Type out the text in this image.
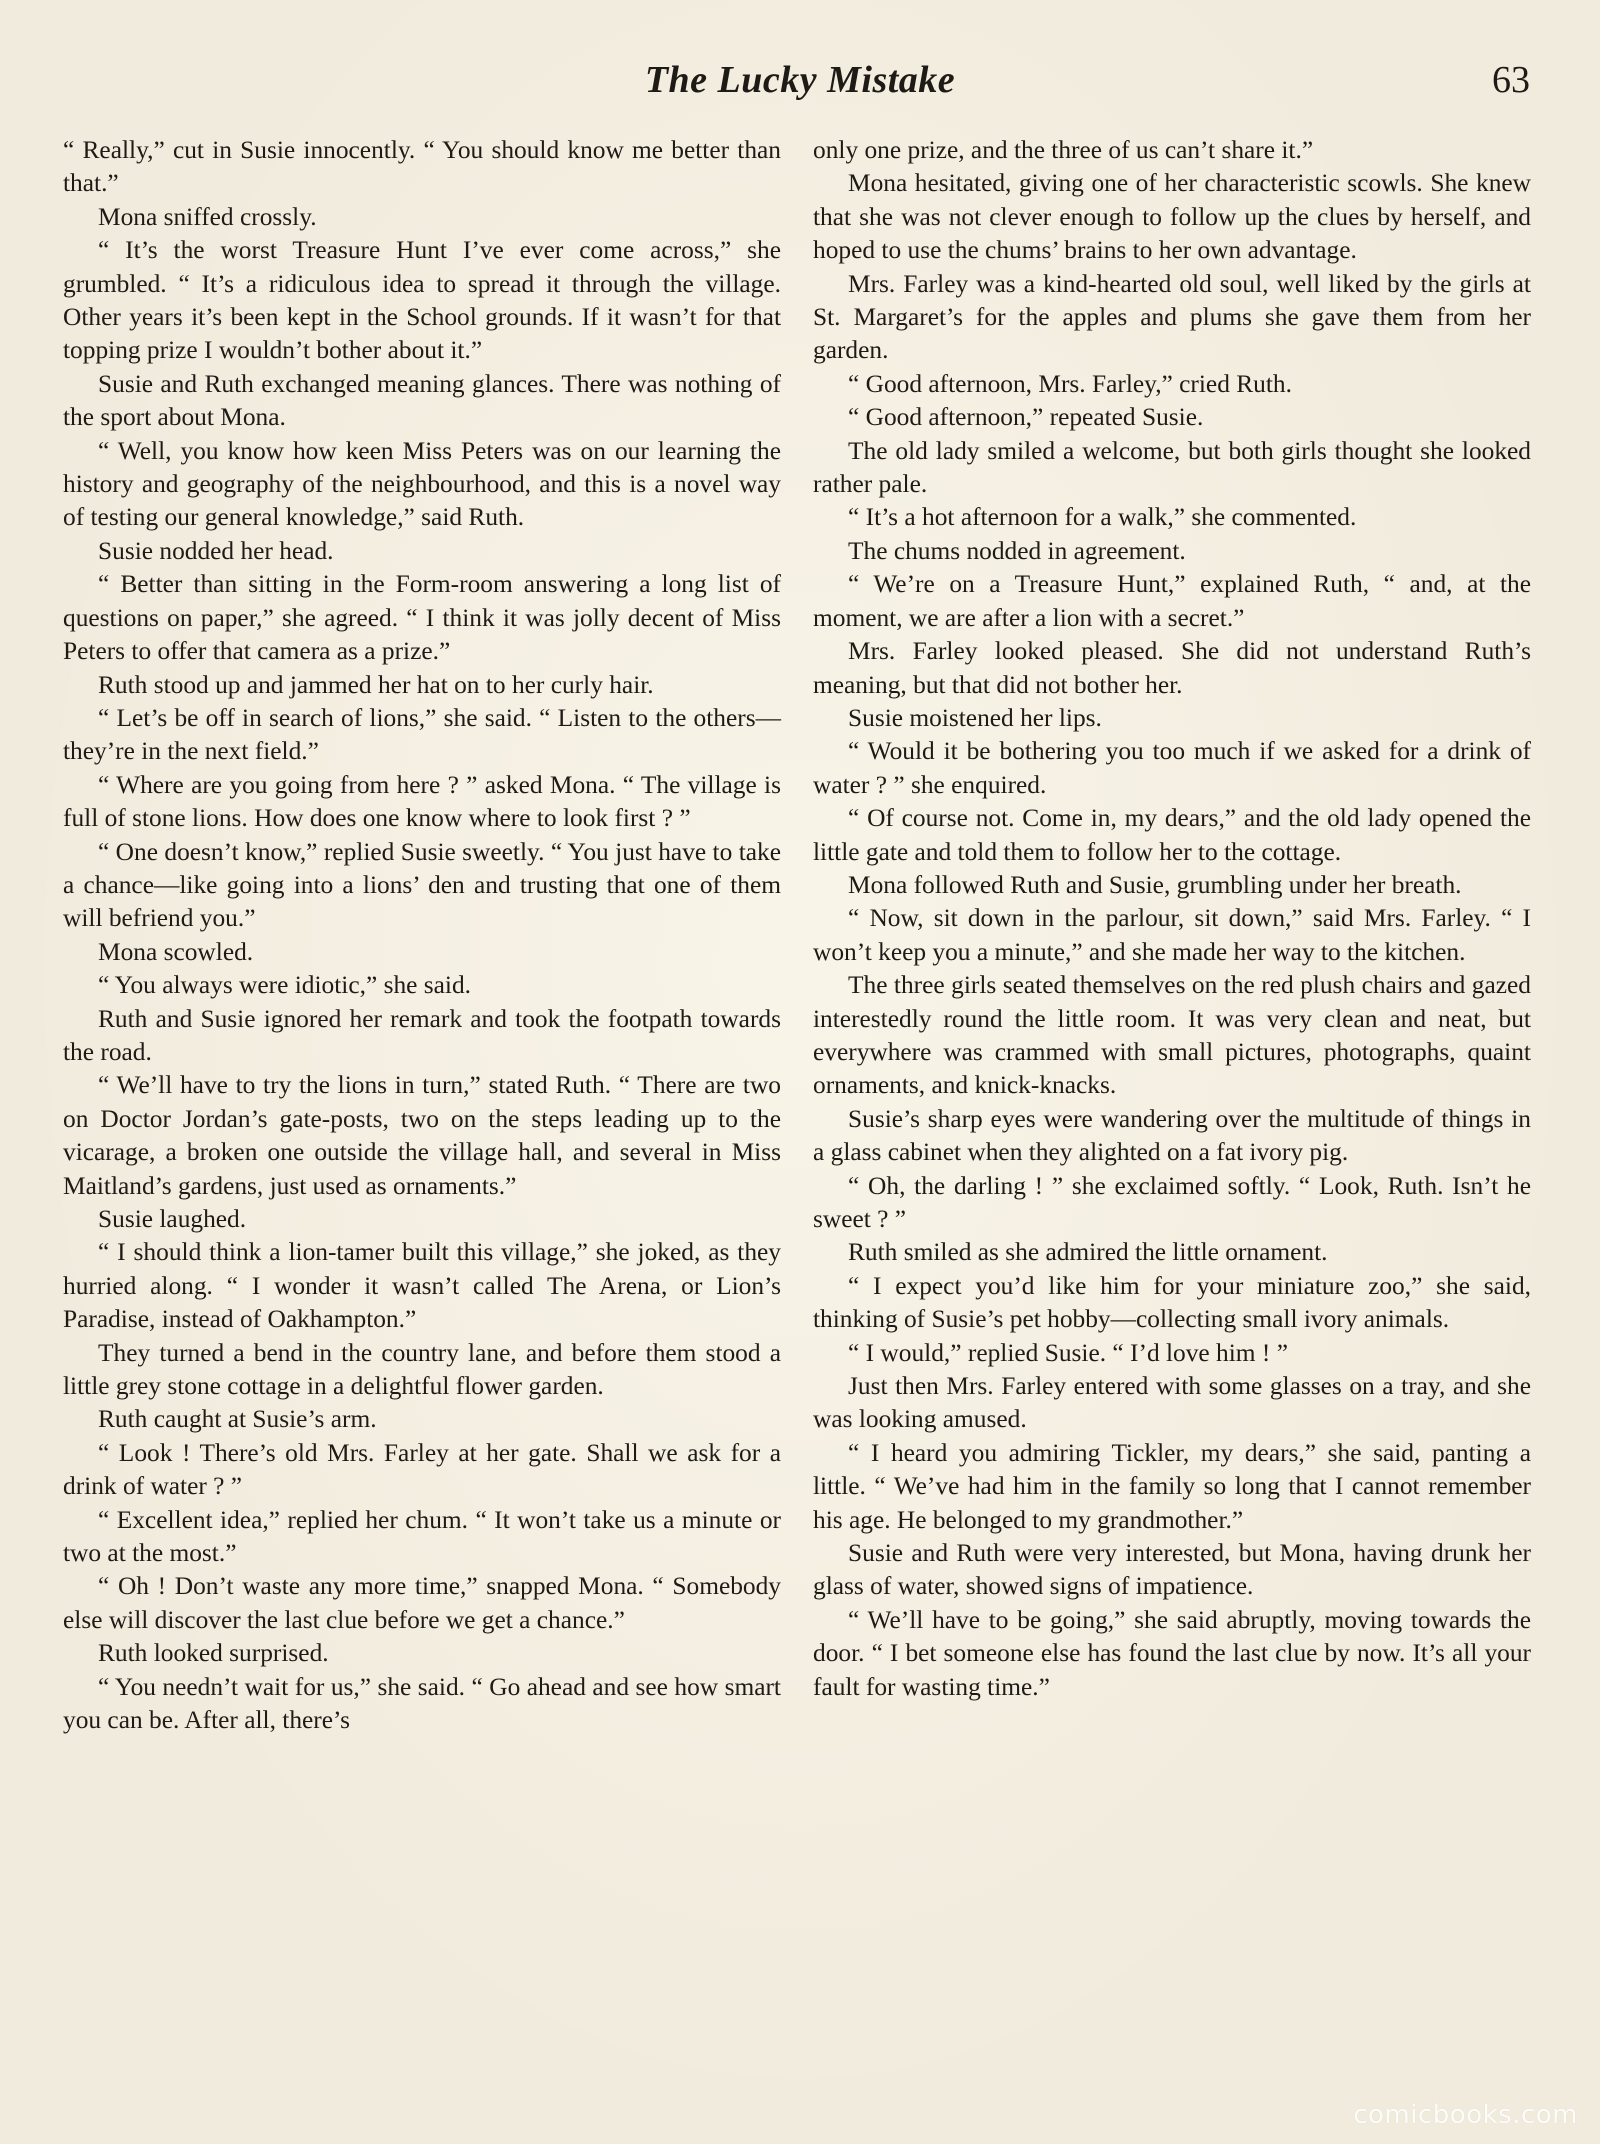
The Lucky Mistake	63

“ Really,” cut in Susie innocently. “ You should know me better than that.”

Mona sniffed crossly.

“ It’s the worst Treasure Hunt I’ve ever come across,” she grumbled. “ It’s a ridiculous idea to spread it through the village. Other years it’s been kept in the School grounds. If it wasn’t for that topping prize I wouldn’t bother about it.”

Susie and Ruth exchanged meaning glances. There was nothing of the sport about Mona.

“ Well, you know how keen Miss Peters was on our learning the history and geography of the neighbourhood, and this is a novel way of testing our general knowledge,” said Ruth.

Susie nodded her head.

“ Better than sitting in the Form-room answering a long list of questions on paper,” she agreed. “ I think it was jolly decent of Miss Peters to offer that camera as a prize.”

Ruth stood up and jammed her hat on to her curly hair.

“ Let’s be off in search of lions,” she said. “ Listen to the others—they’re in the next field.”

“ Where are you going from here ? ” asked Mona. “ The village is full of stone lions. How does one know where to look first ? ”

“ One doesn’t know,” replied Susie sweetly. “ You just have to take a chance—like going into a lions’ den and trusting that one of them will befriend you.”

Mona scowled.

“ You always were idiotic,” she said.

Ruth and Susie ignored her remark and took the footpath towards the road.

“ We’ll have to try the lions in turn,” stated Ruth. “ There are two on Doctor Jordan’s gate-posts, two on the steps leading up to the vicarage, a broken one outside the village hall, and several in Miss Maitland’s gardens, just used as ornaments.”

Susie laughed.

“ I should think a lion-tamer built this village,” she joked, as they hurried along. “ I wonder it wasn’t called The Arena, or Lion’s Paradise, instead of Oakhampton.”

They turned a bend in the country lane, and before them stood a little grey stone cottage in a delightful flower garden.

Ruth caught at Susie’s arm.

“ Look ! There’s old Mrs. Farley at her gate. Shall we ask for a drink of water ? ”

“ Excellent idea,” replied her chum. “ It won’t take us a minute or two at the most.”

“ Oh ! Don’t waste any more time,” snapped Mona. “ Somebody else will discover the last clue before we get a chance.”

Ruth looked surprised.

“ You needn’t wait for us,” she said. “ Go ahead and see how smart you can be. After all, there’s

only one prize, and the three of us can’t share it.”

Mona hesitated, giving one of her characteristic scowls. She knew that she was not clever enough to follow up the clues by herself, and hoped to use the chums’ brains to her own advantage.

Mrs. Farley was a kind-hearted old soul, well liked by the girls at St. Margaret’s for the apples and plums she gave them from her garden.

“ Good afternoon, Mrs. Farley,” cried Ruth.

“ Good afternoon,” repeated Susie.

The old lady smiled a welcome, but both girls thought she looked rather pale.

“ It’s a hot afternoon for a walk,” she commented.

The chums nodded in agreement.

“ We’re on a Treasure Hunt,” explained Ruth, “ and, at the moment, we are after a lion with a secret.”

Mrs. Farley looked pleased. She did not understand Ruth’s meaning, but that did not bother her.

Susie moistened her lips.

“ Would it be bothering you too much if we asked for a drink of water ? ” she enquired.

“ Of course not. Come in, my dears,” and the old lady opened the little gate and told them to follow her to the cottage.

Mona followed Ruth and Susie, grumbling under her breath.

“ Now, sit down in the parlour, sit down,” said Mrs. Farley. “ I won’t keep you a minute,” and she made her way to the kitchen.

The three girls seated themselves on the red plush chairs and gazed interestedly round the little room. It was very clean and neat, but everywhere was crammed with small pictures, photographs, quaint ornaments, and knick-knacks.

Susie’s sharp eyes were wandering over the multitude of things in a glass cabinet when they alighted on a fat ivory pig.

“ Oh, the darling ! ” she exclaimed softly. “ Look, Ruth. Isn’t he sweet ? ”

Ruth smiled as she admired the little ornament.

“ I expect you’d like him for your miniature zoo,” she said, thinking of Susie’s pet hobby—collecting small ivory animals.

“ I would,” replied Susie. “ I’d love him ! ”

Just then Mrs. Farley entered with some glasses on a tray, and she was looking amused.

“ I heard you admiring Tickler, my dears,” she said, panting a little. “ We’ve had him in the family so long that I cannot remember his age. He belonged to my grandmother.”

Susie and Ruth were very interested, but Mona, having drunk her glass of water, showed signs of impatience.

“ We’ll have to be going,” she said abruptly, moving towards the door. “ I bet someone else has found the last clue by now. It’s all your fault for wasting time.”

comicbooks.com
